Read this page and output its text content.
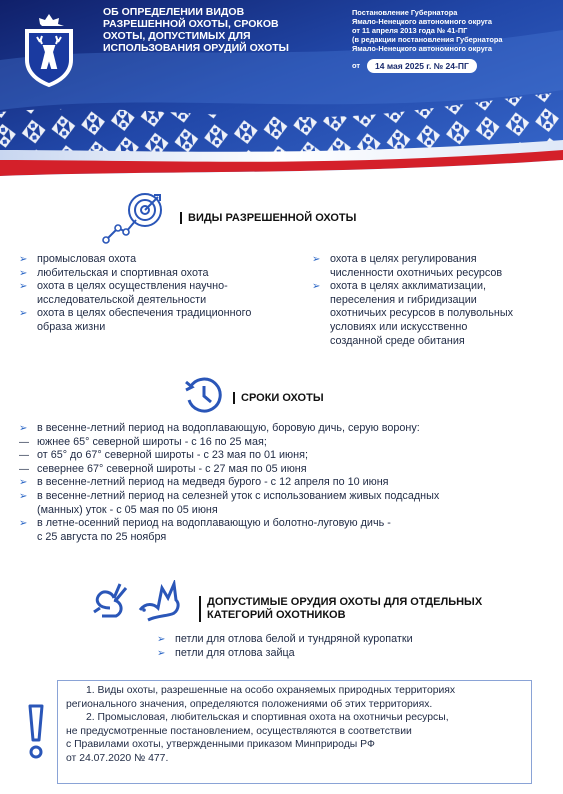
ОБ ОПРЕДЕЛЕНИИ ВИДОВ РАЗРЕШЕННОЙ ОХОТЫ, СРОКОВ ОХОТЫ, ДОПУСТИМЫХ ДЛЯ ИСПОЛЬЗОВАНИЯ ОРУДИЙ ОХОТЫ
Постановление Губернатора
Ямало-Ненецкого автономного округа
от 11 апреля 2013 года № 41-ПГ
(в редакции постановления Губернатора
Ямало-Ненецкого автономного округа
от	14 мая 2025 г. № 24-ПГ
ВИДЫ РАЗРЕШЕННОЙ ОХОТЫ
➢ промысловая охота
➢ любительская и спортивная охота
➢ охота в целях осуществления научно-
исследовательской деятельности
➢ охота в целях обеспечения традиционного
образа жизни
➢ охота в целях регулирования
численности охотничьих ресурсов
➢ охота в целях акклиматизации,
переселения и гибридизации
охотничьих ресурсов в полувольных
условиях или искусственно
созданной среде обитания
СРОКИ ОХОТЫ
➢ в весенне-летний период на водоплавающую, боровую дичь, серую ворону:
— южнее 65° северной широты - с 16 по 25 мая;
— от 65° до 67° северной широты - с 23 мая по 01 июня;
— севернее 67° северной широты - с 27 мая по 05 июня
➢ в весенне-летний период на медведя бурого - с 12 апреля по 10 июня
➢ в весенне-летний период на селезней уток с использованием живых подсадных
(манных) уток - с 05 мая по 05 июня
➢ в летне-осенний период на водоплавающую и болотно-луговую дичь -
с 25 августа по 25 ноября
ДОПУСТИМЫЕ ОРУДИЯ ОХОТЫ ДЛЯ ОТДЕЛЬНЫХ
КАТЕГОРИЙ ОХОТНИКОВ
➢ петли для отлова белой и тундряной куропатки
➢ петли для отлова зайца

1. Виды охоты, разрешенные на особо охраняемых природных территориях

регионального значения, определяются положениями об этих территориях.

2. Промысловая, любительская и спортивная охота на охотничьи ресурсы,

не предусмотренные постановлением, осуществляются в соответствии

с Правилами охоты, утвержденными приказом Минприроды РФ

от 24.07.2020 № 477.
